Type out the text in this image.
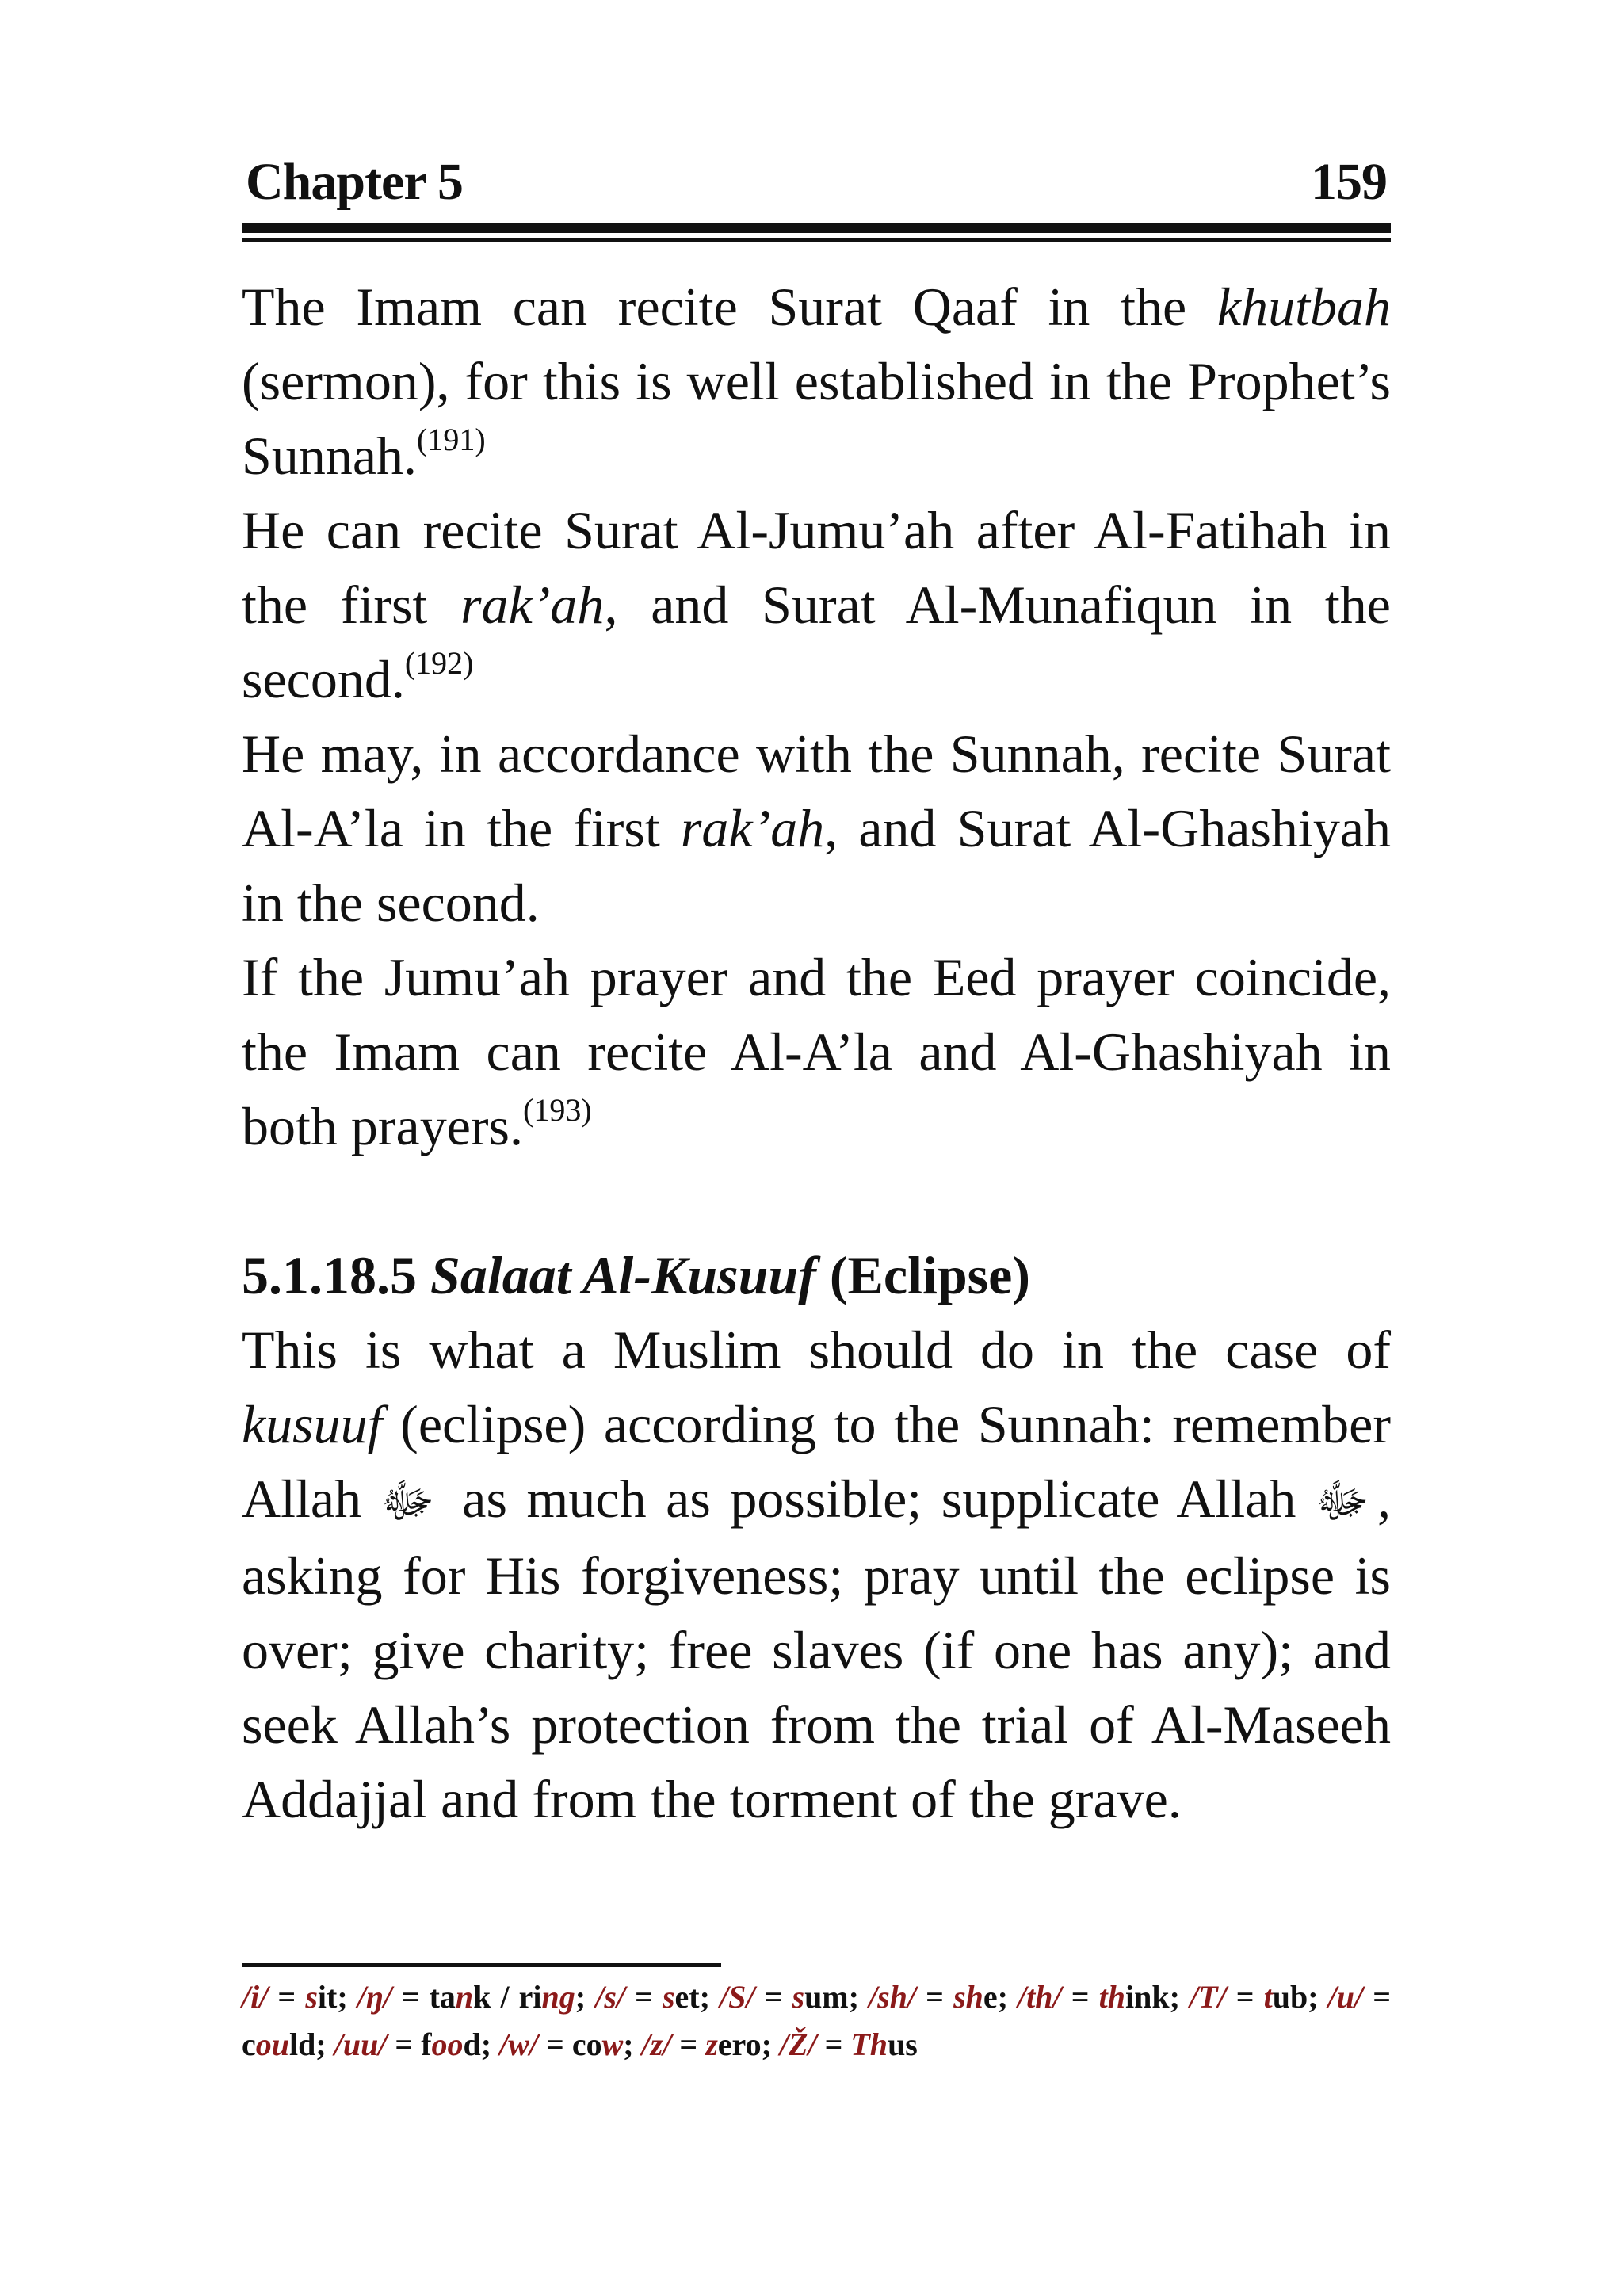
Chapter 5	159

The Imam can recite Surat Qaaf in the khutbah (sermon), for this is well established in the Prophet’s Sunnah.$^{(191)}$

He can recite Surat Al-Jumu’ah after Al-Fatihah in the first rak’ah, and Surat Al-Munafiqun in the second.$^{(192)}$

He may, in accordance with the Sunnah, recite Surat Al-A’la in the first rak’ah, and Surat Al-Ghashiyah in the second.

If the Jumu’ah prayer and the Eed prayer coincide, the Imam can recite Al-A’la and Al-Ghashiyah in both prayers.$^{(193)}$

5.1.18.5 Salaat Al-Kusuuf (Eclipse)

This is what a Muslim should do in the case of kusuuf (eclipse) according to the Sunnah: remember Allah ﷻ as much as possible; supplicate Allah ﷻ , asking for His forgiveness; pray until the eclipse is over; give charity; free slaves (if one has any); and seek Allah’s protection from the trial of Al-Maseeh Addajjal and from the torment of the grave.

/i/ = sit; /ŋ/ = tank / ring; /s/ = set; /S/ = sum; /sh/ = she; /th/ = think; /T/ = tub; /u/ = could; /uu/ = food; /w/ = cow; /z/ = zero; /Ž/ = Thus
